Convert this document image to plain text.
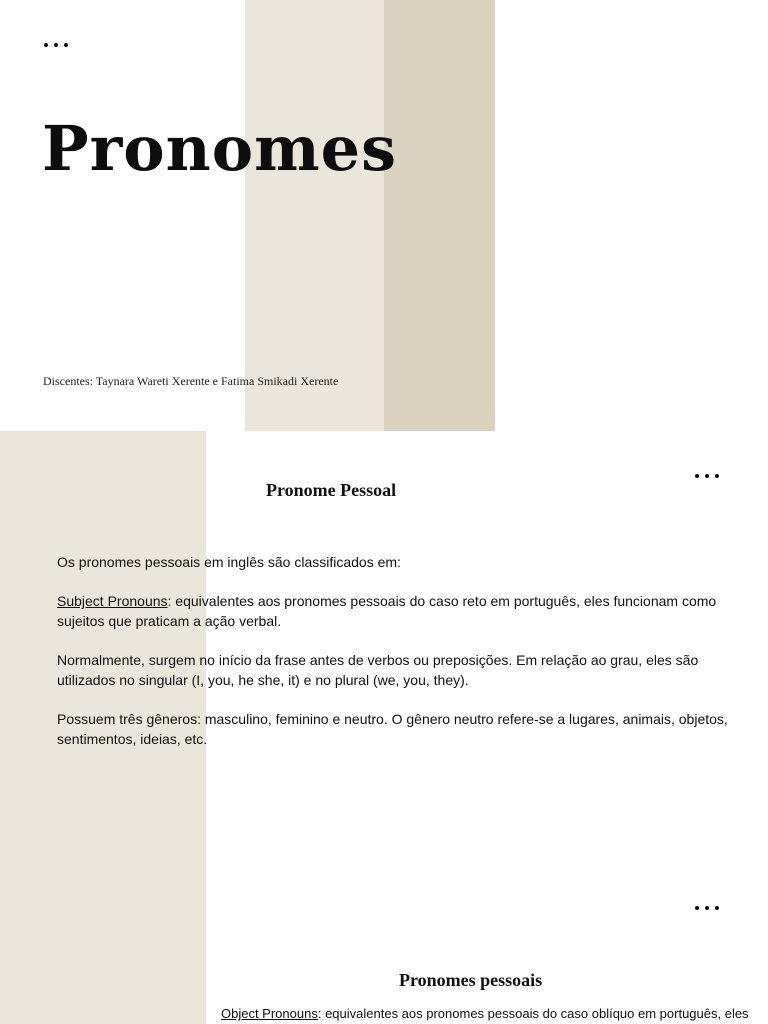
Pronomes

Discentes: Taynara Wareti Xerente e Fatima Smikadi Xerente

Pronome Pessoal

Os pronomes pessoais em inglês são classificados em:

Subject Pronouns: equivalentes aos pronomes pessoais do caso reto em português, eles funcionam como sujeitos que praticam a ação verbal.

Normalmente, surgem no início da frase antes de verbos ou preposições. Em relação ao grau, eles são utilizados no singular (I, you, he she, it) e no plural (we, you, they).

Possuem três gêneros: masculino, feminino e neutro. O gênero neutro refere-se a lugares, animais, objetos, sentimentos, ideias, etc.

Pronomes pessoais
Object Pronouns: equivalentes aos pronomes pessoais do caso oblíquo em português, eles
